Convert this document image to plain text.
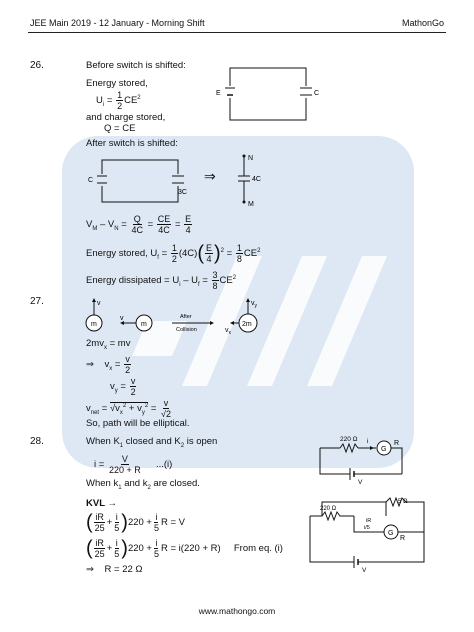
JEE Main 2019 - 12 January - Morning Shift	MathonGo
26.	Before switch is shifted:
Energy stored,
$U_i = \frac{1}{2} CE^2$
and charge stored,
Q = CE
E	C
After switch is shifted:
C
3C
⇒
N
4C
M
$V_M - V_N = \frac{Q}{4C} = \frac{CE}{4C} = \frac{E}{4}$
Energy stored, $U_f = \frac{1}{2} (4C)( \frac{E}{4} )^2 = \frac{1}{8} CE^2$
Energy dissipated = $U_i - U_f = \frac{3}{8} CE^2$
27.
m
v
m
v	After
Collision
2m
$v_y$
$v_x$
$2mv_x$ = mv
⇒ $v_x = \frac{v}{2}$
$v_y = \frac{v}{2}$
$v_{net} = √v_x^2 + v_y^2 = \frac{v}{√2}$
So, path will be elliptical.
28.	When $K_1$ closed and $K_2$ is open
$i = \frac{V}{220 + R} ...(i)$
When $k_1$ and $k_2$ are closed.
G
220 Ω i	R
V
KVL →
( $\frac{iR}{25} + \frac{i}{5} )220 + \frac{i}{5}$ R = V
( $\frac{iR}{25} + \frac{i}{5} )220 + \frac{i}{5}$ R = i(220 + R) From eq. (i)
⇒ R = 22 Ω
G
220 Ω
5 Ω
iR
i/5
R
V
www.mathongo.com
